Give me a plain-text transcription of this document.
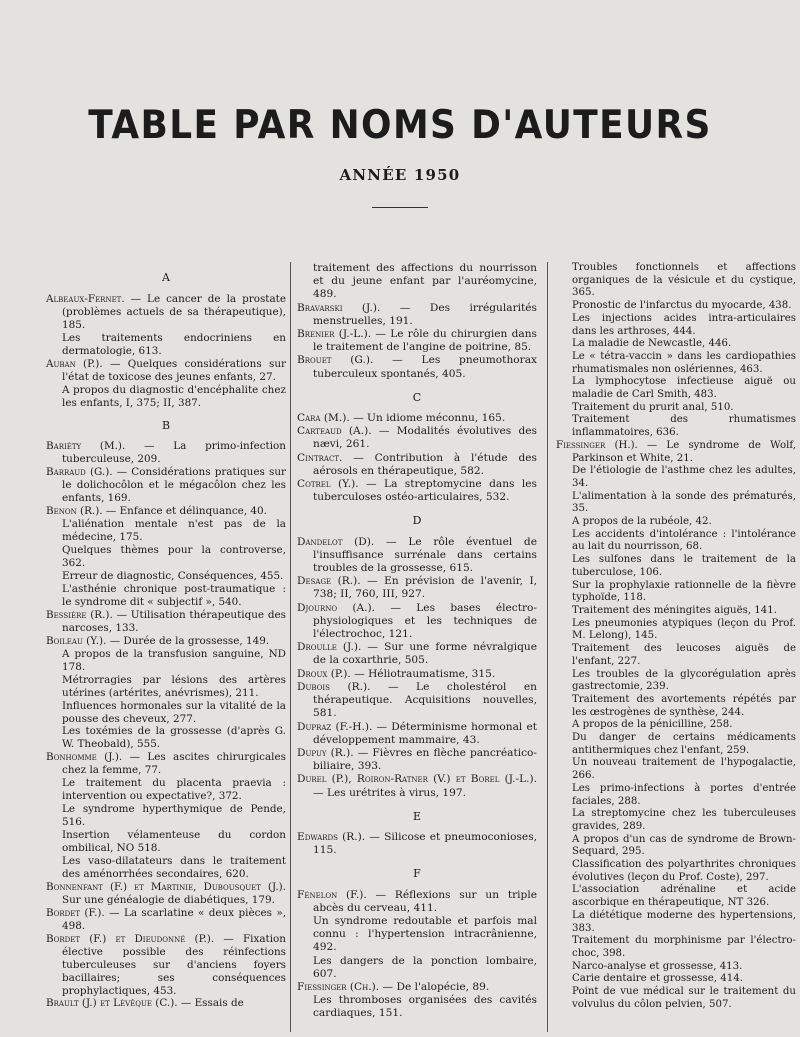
TABLE PAR NOMS D'AUTEURS
ANNÉE 1950

A

Albeaux-Fernet. — Le cancer de la prostate (problèmes actuels de sa thérapeutique), 185.

Les traitements endocriniens en dermatologie, 613.

Auban (P.). — Quelques considérations sur l'état de toxicose des jeunes enfants, 27.

A propos du diagnostic d'encéphalite chez les enfants, I, 375; II, 387.

B

Bariéty (M.). — La primo-infection tuberculeuse, 209.

Barraud (G.). — Considérations pratiques sur le dolichocôlon et le mégacôlon chez les enfants, 169.

Benon (R.). — Enfance et délinquance, 40.

L'aliénation mentale n'est pas de la médecine, 175.

Quelques thèmes pour la controverse, 362.

Erreur de diagnostic, Conséquences, 455.

L'asthénie chronique post-traumatique : le syndrome dit « subjectif », 540.

Bessière (R.). — Utilisation thérapeutique des narcoses, 133.

Boileau (Y.). — Durée de la grossesse, 149.

A propos de la transfusion sanguine, ND 178.

Métrorragies par lésions des artères utérines (artérites, anévrismes), 211.

Influences hormonales sur la vitalité de la pousse des cheveux, 277.

Les toxémies de la grossesse (d'après G. W. Theobald), 555.

Bonhomme (J.). — Les ascites chirurgicales chez la femme, 77.

Le traitement du placenta praevia : intervention ou expectative?, 372.

Le syndrome hyperthymique de Pende, 516.

Insertion vélamenteuse du cordon ombilical, NO 518.

Les vaso-dilatateurs dans le traitement des aménorrhées secondaires, 620.

Bonnenfant (F.) et Martinie, Dubousquet (J.). Sur une généalogie de diabétiques, 179.

Bordet (F.). — La scarlatine « deux pièces », 498.

Bordet (F.) et Dieudonné (P.). — Fixation élective possible des réinfections tuberculeuses sur d'anciens foyers bacillaires; ses conséquences prophylactiques, 453.

Brault (J.) et Lévêque (C.). — Essais de

traitement des affections du nourrisson et du jeune enfant par l'auréomycine, 489.

Bravarski (J.). — Des irrégularités menstruelles, 191.

Brenier (J.-L.). — Le rôle du chirurgien dans le traitement de l'angine de poitrine, 85.

Brouet (G.). — Les pneumothorax tuberculeux spontanés, 405.

C

Cara (M.). — Un idiome méconnu, 165.

Carteaud (A.). — Modalités évolutives des nævi, 261.

Cintract. — Contribution à l'étude des aérosols en thérapeutique, 582.

Cotrel (Y.). — La streptomycine dans les tuberculoses ostéo-articulaires, 532.

D

Dandelot (D). — Le rôle éventuel de l'insuffisance surrénale dans certains troubles de la grossesse, 615.

Desage (R.). — En prévision de l'avenir, I, 738; II, 760, III, 927.

Djourno (A.). — Les bases électro-physiologiques et les techniques de l'électrochoc, 121.

Droulle (J.). — Sur une forme névralgique de la coxarthrie, 505.

Droux (P.). — Héliotraumatisme, 315.

Dubois (R.). — Le cholestérol en thérapeutique. Acquisitions nouvelles, 581.

Dupraz (F.-H.). — Déterminisme hormonal et développement mammaire, 43.

Dupuy (R.). — Fièvres en flèche pancréatico-biliaire, 393.

Durel (P.), Roiron-Ratner (V.) et Borel (J.-L.). — Les urétrites à virus, 197.

E

Edwards (R.). — Silicose et pneumoconioses, 115.

F

Fénelon (F.). — Réflexions sur un triple abcès du cerveau, 411.

Un syndrome redoutable et parfois mal connu : l'hypertension intracrânienne, 492.

Les dangers de la ponction lombaire, 607.

Fiessinger (Ch.). — De l'alopécie, 89.

Les thromboses organisées des cavités cardiaques, 151.

Troubles fonctionnels et affections organiques de la vésicule et du cystique, 365.

Pronostic de l'infarctus du myocarde, 438.

Les injections acides intra-articulaires dans les arthroses, 444.

La maladie de Newcastle, 446.

Le « tétra-vaccin » dans les cardiopathies rhumatismales non oslériennes, 463.

La lymphocytose infectieuse aiguë ou maladie de Carl Smith, 483.

Traitement du prurit anal, 510.

Traitement des rhumatismes inflammatoires, 636.

Fiessinger (H.). — Le syndrome de Wolf, Parkinson et White, 21.

De l'étiologie de l'asthme chez les adultes, 34.

L'alimentation à la sonde des prématurés, 35.

A propos de la rubéole, 42.

Les accidents d'intolérance : l'intolérance au lait du nourrisson, 68.

Les sulfones dans le traitement de la tuberculose, 106.

Sur la prophylaxie rationnelle de la fièvre typhoïde, 118.

Traitement des méningites aiguës, 141.

Les pneumonies atypiques (leçon du Prof. M. Lelong), 145.

Traitement des leucoses aiguës de l'enfant, 227.

Les troubles de la glycorégulation après gastrectomie, 239.

Traitement des avortements répétés par les œstrogènes de synthèse, 244.

A propos de la pénicilline, 258.

Du danger de certains médicaments antithermiques chez l'enfant, 259.

Un nouveau traitement de l'hypogalactie, 266.

Les primo-infections à portes d'entrée faciales, 288.

La streptomycine chez les tuberculeuses gravides, 289.

A propos d'un cas de syndrome de Brown-Sequard, 295.

Classification des polyarthrites chroniques évolutives (leçon du Prof. Coste), 297.

L'association adrénaline et acide ascorbique en thérapeutique, NT 326.

La diététique moderne des hypertensions, 383.

Traitement du morphinisme par l'électro-choc, 398.

Narco-analyse et grossesse, 413.

Carie dentaire et grossesse, 414.

Point de vue médical sur le traitement du volvulus du côlon pelvien, 507.
